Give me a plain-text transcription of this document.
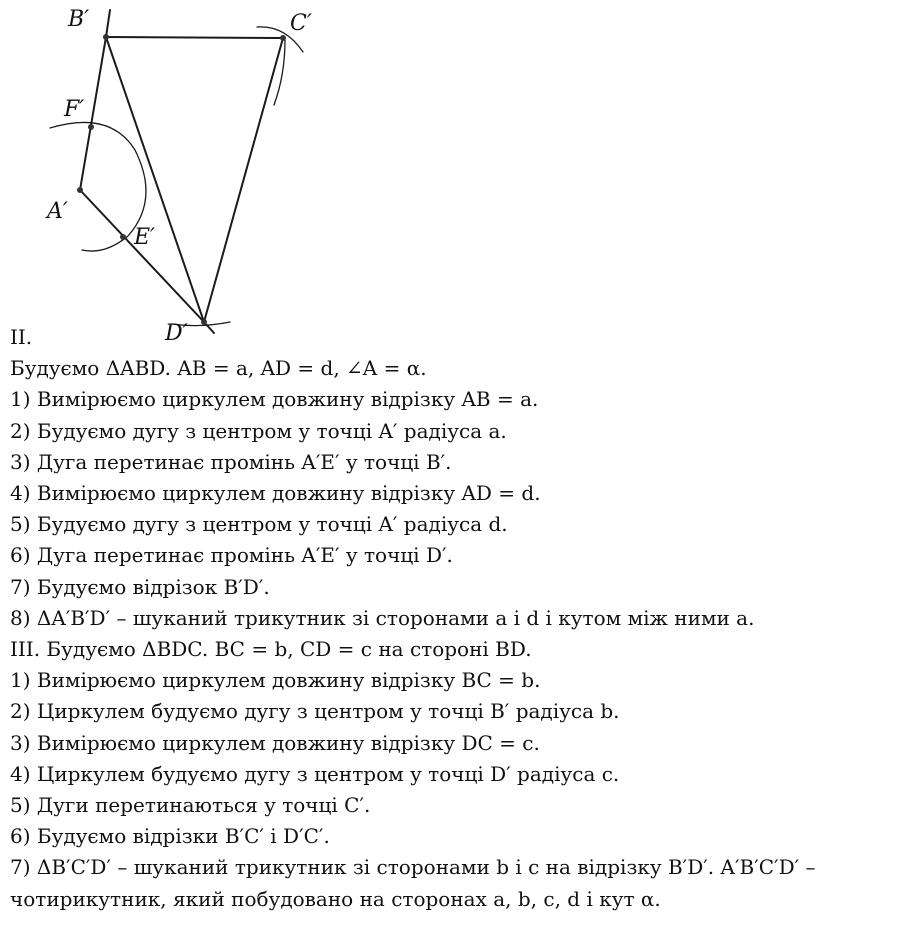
B′	C′
F′
A′
E′
D′
II.
Будуємо ΔABD. AB = a, AD = d, ∠A = α.
1) Вимірюємо циркулем довжину відрізку AB = a.
2) Будуємо дугу з центром у точці A′ радіуса a.
3) Дуга перетинає промінь A′E′ у точці B′.
4) Вимірюємо циркулем довжину відрізку AD = d.
5) Будуємо дугу з центром у точці A′ радіуса d.
6) Дуга перетинає промінь A′E′ у точці D′.
7) Будуємо відрізок B′D′.
8) ΔA′B′D′ – шуканий трикутник зі сторонами a і d і кутом між ними a.
III. Будуємо ΔBDC. BC = b, CD = c на стороні BD.
1) Вимірюємо циркулем довжину відрізку BC = b.
2) Циркулем будуємо дугу з центром у точці B′ радіуса b.
3) Вимірюємо циркулем довжину відрізку DC = c.
4) Циркулем будуємо дугу з центром у точці D′ радіуса c.
5) Дуги перетинаються у точці C′.
6) Будуємо відрізки B′C′ і D′C′.
7) ΔB′C′D′ – шуканий трикутник зі сторонами b і c на відрізку B′D′. A′B′C′D′ – чотирикутник, який побудовано на сторонах a, b, c, d і кут α.
